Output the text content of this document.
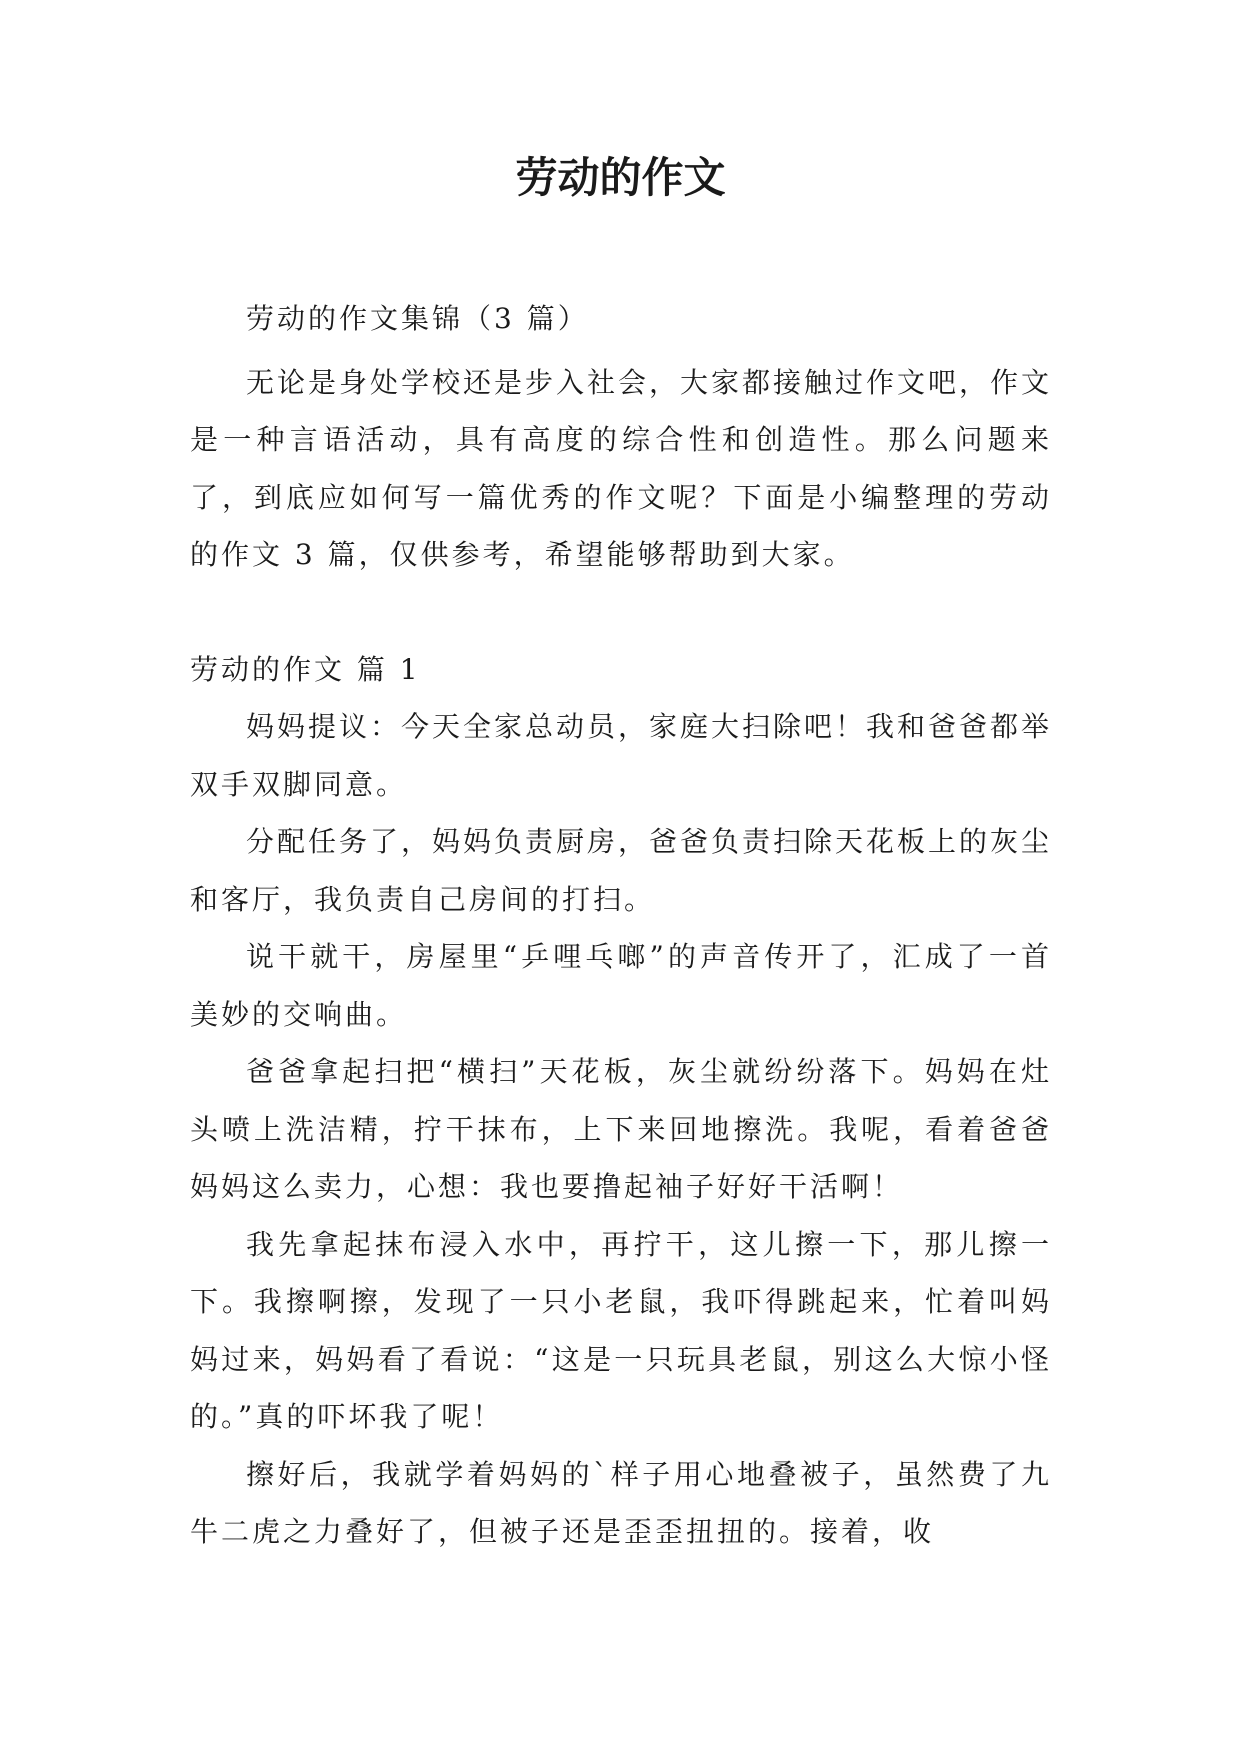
劳动的作文

劳动的作文集锦（3 篇）

无论是身处学校还是步入社会，大家都接触过作文吧，作文是一种言语活动，具有高度的综合性和创造性。那么问题来了，到底应如何写一篇优秀的作文呢？下面是小编整理的劳动的作文 3 篇，仅供参考，希望能够帮助到大家。

劳动的作文 篇 1

妈妈提议：今天全家总动员，家庭大扫除吧！我和爸爸都举双手双脚同意。

分配任务了，妈妈负责厨房，爸爸负责扫除天花板上的灰尘和客厅，我负责自己房间的打扫。

说干就干，房屋里“乒哩乓啷”的声音传开了，汇成了一首美妙的交响曲。

爸爸拿起扫把“横扫”天花板，灰尘就纷纷落下。妈妈在灶头喷上洗洁精，拧干抹布，上下来回地擦洗。我呢，看着爸爸妈妈这么卖力，心想：我也要撸起袖子好好干活啊！

我先拿起抹布浸入水中，再拧干，这儿擦一下，那儿擦一下。我擦啊擦，发现了一只小老鼠，我吓得跳起来，忙着叫妈妈过来，妈妈看了看说：“这是一只玩具老鼠，别这么大惊小怪的。”真的吓坏我了呢！

擦好后，我就学着妈妈的`样子用心地叠被子，虽然费了九牛二虎之力叠好了，但被子还是歪歪扭扭的。接着，收
